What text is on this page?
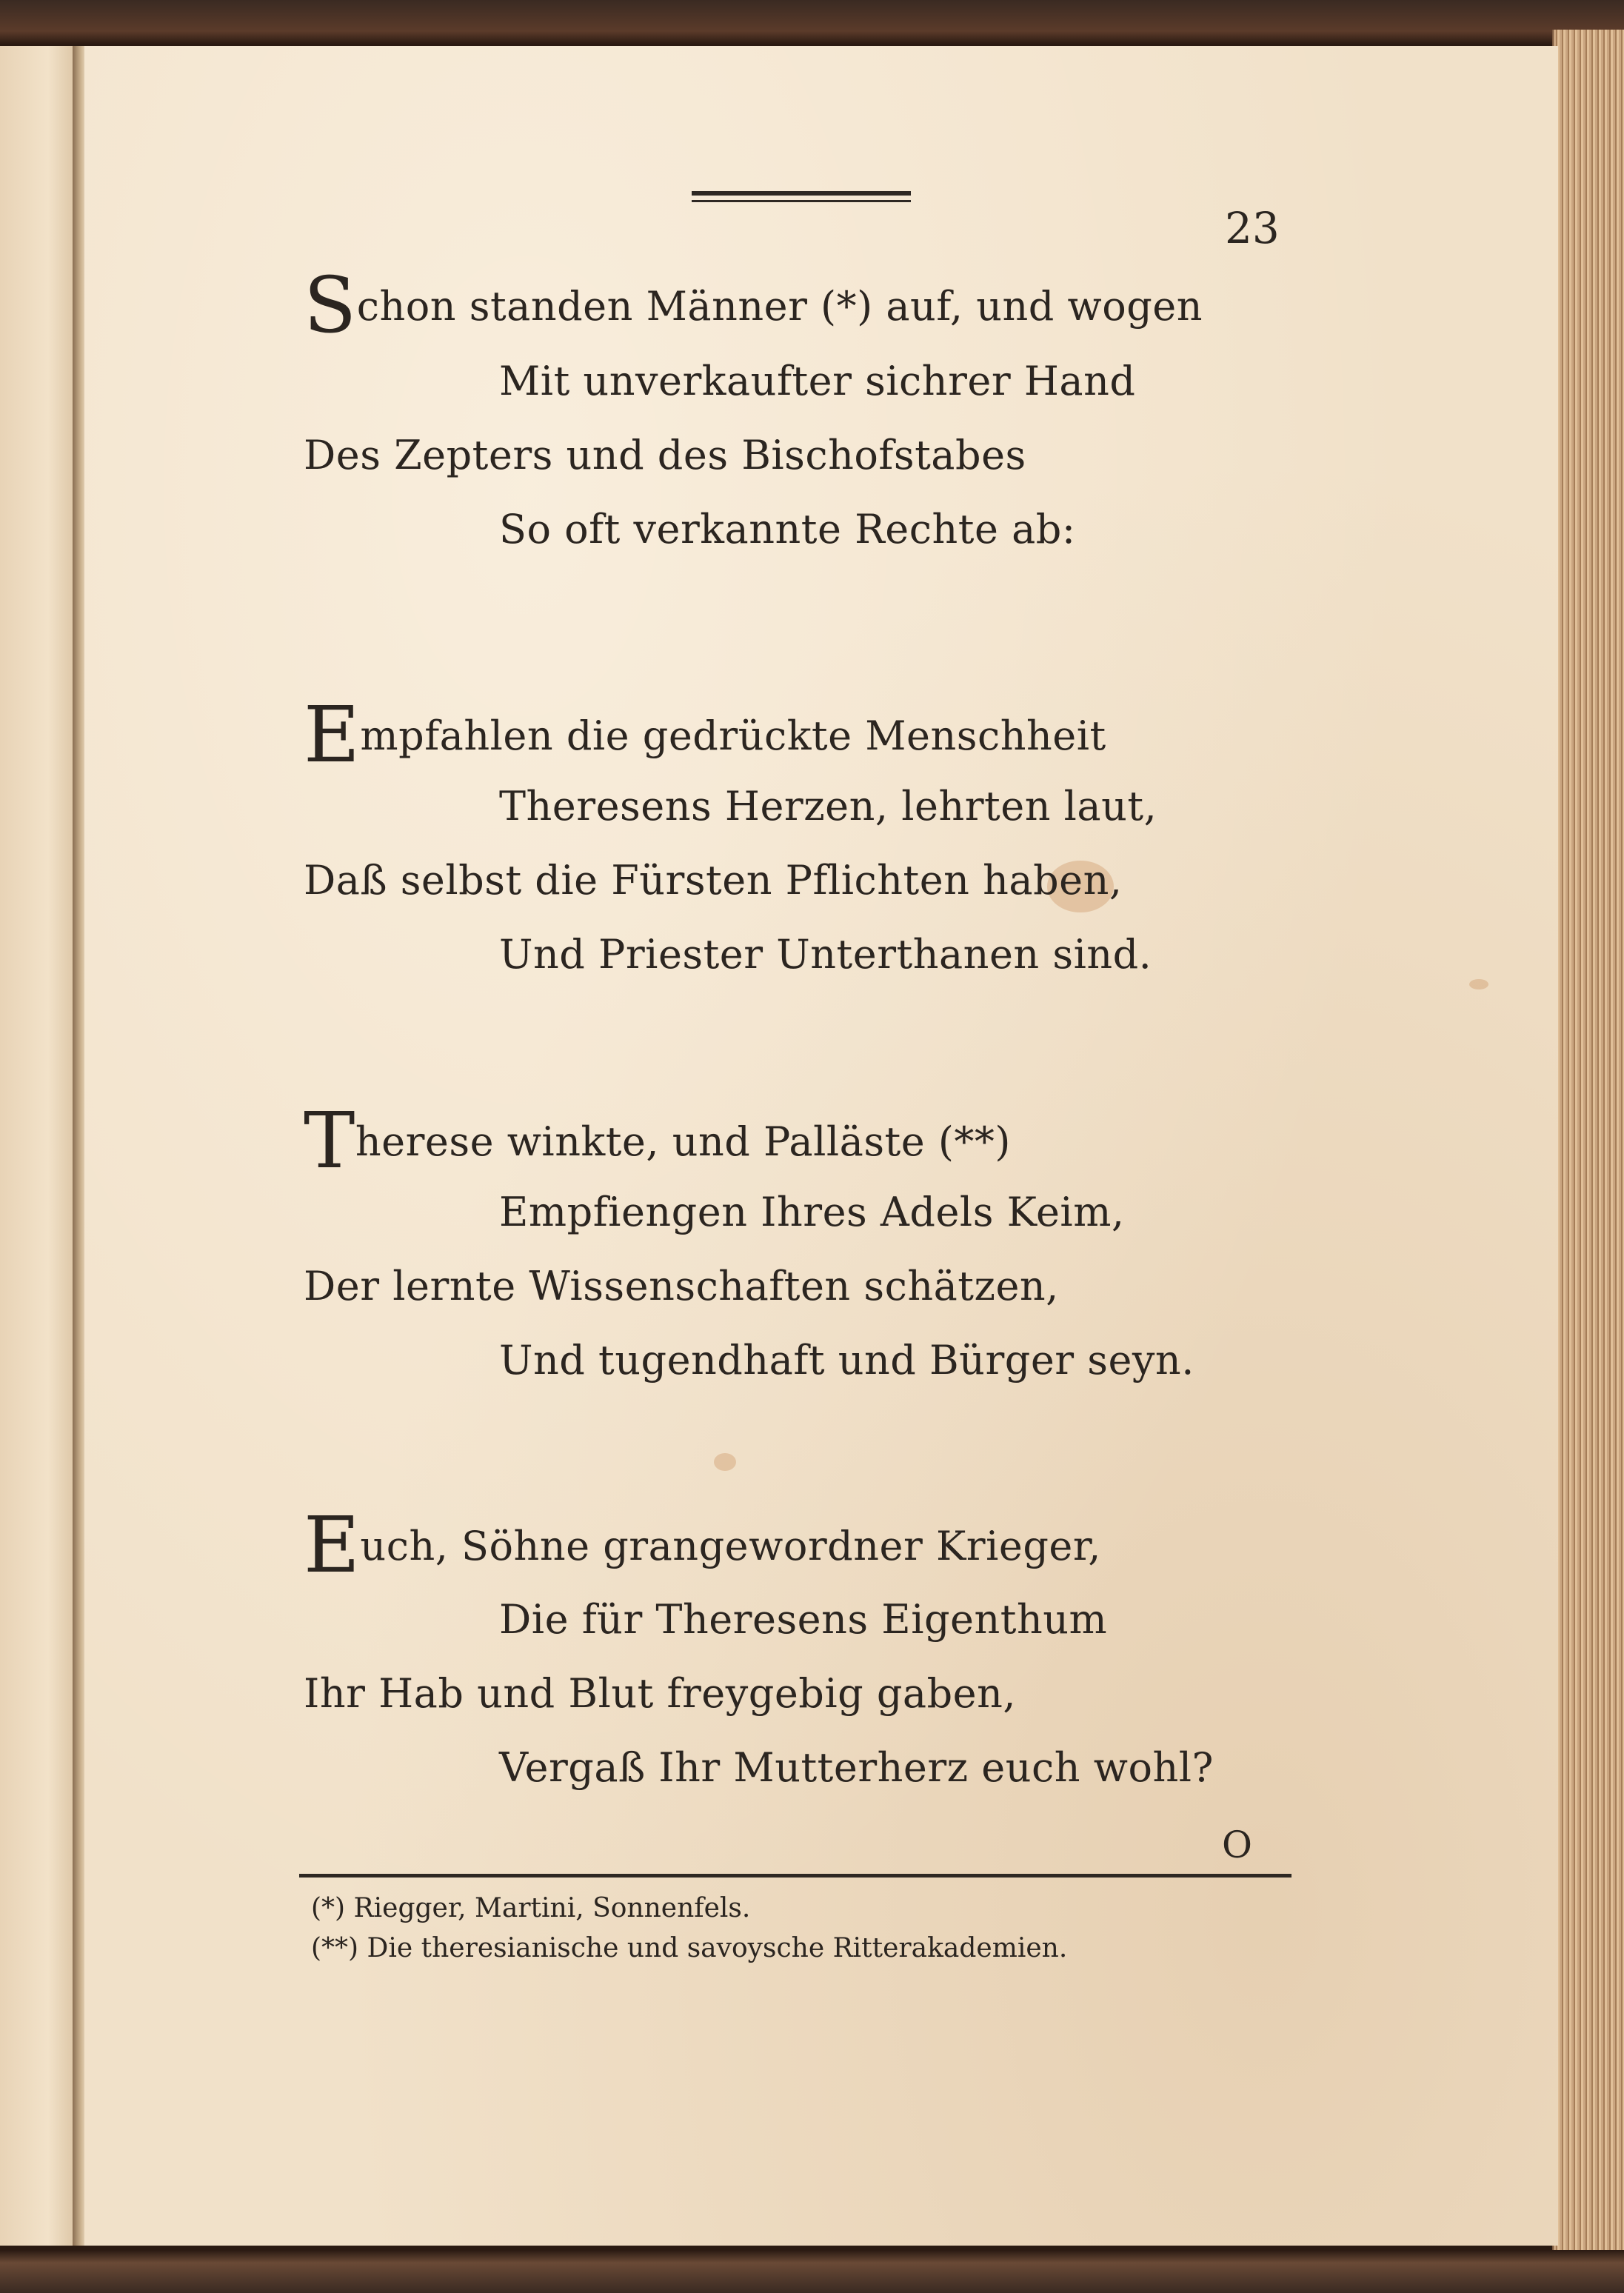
23
Schon standen Männer (*) auf, und wogen
Mit unverkaufter sichrer Hand
Des Zepters und des Bischofstabes
So oft verkannte Rechte ab:
Empfahlen die gedrückte Menschheit
Theresens Herzen, lehrten laut,
Daß selbst die Fürsten Pflichten haben,
Und Priester Unterthanen sind.
Therese winkte, und Palläste (**)
Empfiengen Ihres Adels Keim,
Der lernte Wissenschaften schätzen,
Und tugendhaft und Bürger seyn.
Euch, Söhne grangewordner Krieger,
Die für Theresens Eigenthum
Ihr Hab und Blut freygebig gaben,
Vergaß Ihr Mutterherz euch wohl?
O
(*) Riegger, Martini, Sonnenfels.
(**) Die theresianische und savoysche Ritterakademien.
